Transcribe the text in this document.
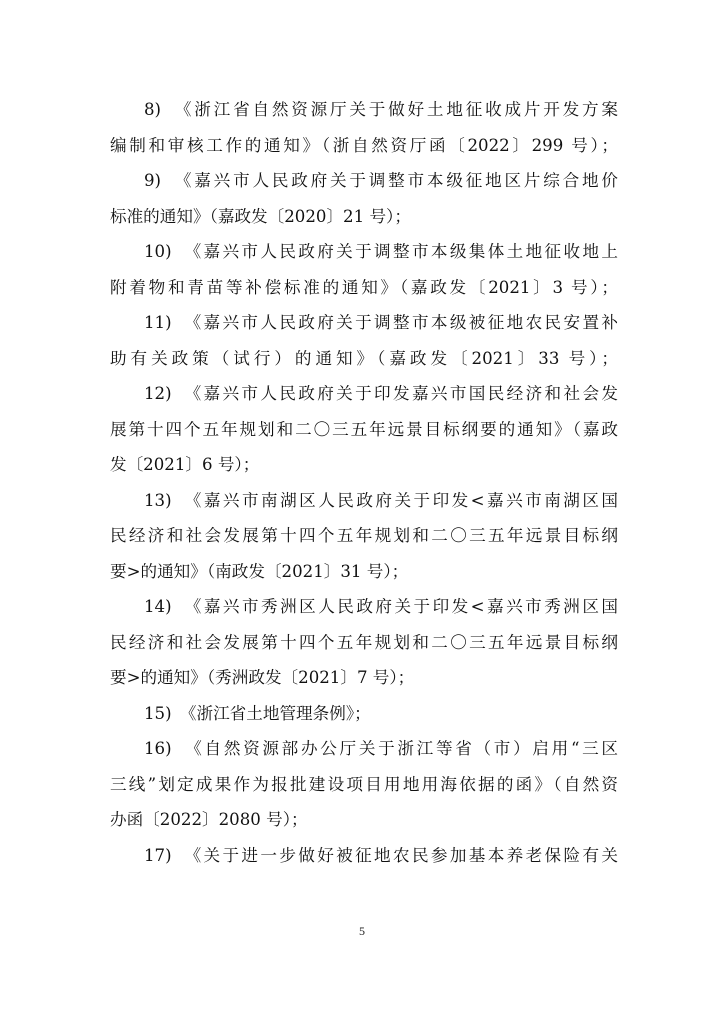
8)　《浙江省自然资源厅关于做好土地征收成片开发方案
编制和审核工作的通知》（浙自然资厅函〔2022〕299 号）；
9)　《嘉兴市人民政府关于调整市本级征地区片综合地价
标准的通知》（嘉政发〔2020〕21 号）；
10)　《嘉兴市人民政府关于调整市本级集体土地征收地上
附着物和青苗等补偿标准的通知》（嘉政发〔2021〕3 号）；
11)　《嘉兴市人民政府关于调整市本级被征地农民安置补
助有关政策（试行）的通知》（嘉政发〔2021〕33 号）；
12)　《嘉兴市人民政府关于印发嘉兴市国民经济和社会发
展第十四个五年规划和二〇三五年远景目标纲要的通知》（嘉政
发〔2021〕6 号）；
13)　《嘉兴市南湖区人民政府关于印发<嘉兴市南湖区国
民经济和社会发展第十四个五年规划和二〇三五年远景目标纲
要>的通知》（南政发〔2021〕31 号）；
14)　《嘉兴市秀洲区人民政府关于印发<嘉兴市秀洲区国
民经济和社会发展第十四个五年规划和二〇三五年远景目标纲
要>的通知》（秀洲政发〔2021〕7 号）；
15)　《浙江省土地管理条例》；
16)　《自然资源部办公厅关于浙江等省（市）启用“三区
三线”划定成果作为报批建设项目用地用海依据的函》（自然资
办函〔2022〕2080 号）；
17)　《关于进一步做好被征地农民参加基本养老保险有关
5
